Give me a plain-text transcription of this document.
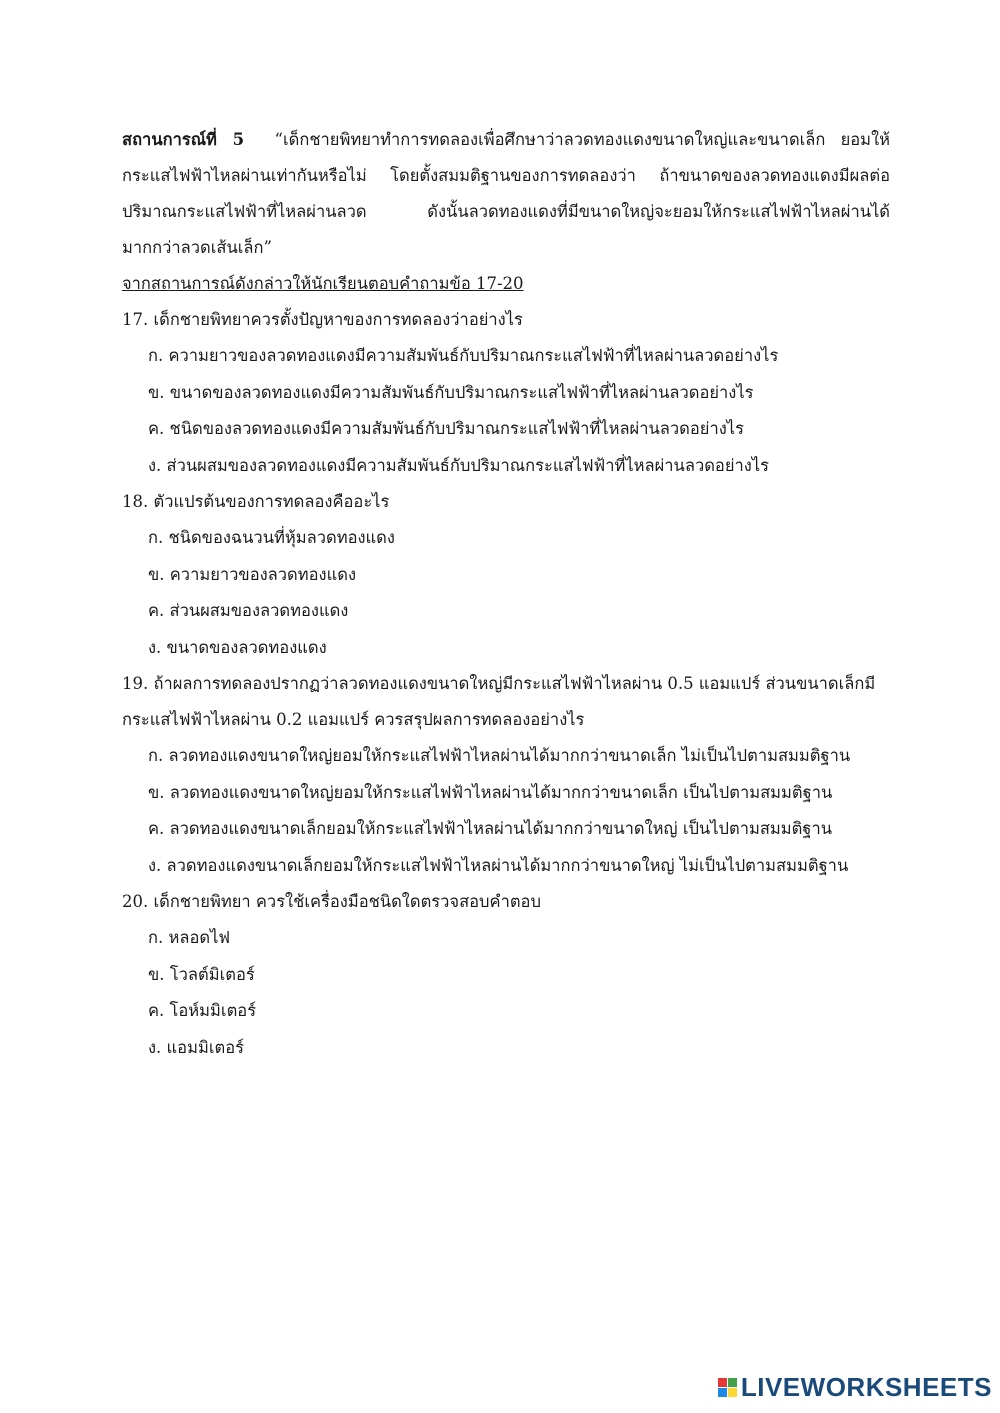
สถานการณ์ที่ 5 “เด็กชายพิทยาทำการทดลองเพื่อศึกษาว่าลวดทองแดงขนาดใหญ่และขนาดเล็ก ยอมให้กระแสไฟฟ้าไหลผ่านเท่ากันหรือไม่ โดยตั้งสมมติฐานของการทดลองว่า ถ้าขนาดของลวดทองแดงมีผลต่อปริมาณกระแสไฟฟ้าที่ไหลผ่านลวด ดังนั้นลวดทองแดงที่มีขนาดใหญ่จะยอมให้กระแสไฟฟ้าไหลผ่านได้มากกว่าลวดเส้นเล็ก”

จากสถานการณ์ดังกล่าวให้นักเรียนตอบคำถามข้อ 17-20

17. เด็กชายพิทยาควรตั้งปัญหาของการทดลองว่าอย่างไร

ก. ความยาวของลวดทองแดงมีความสัมพันธ์กับปริมาณกระแสไฟฟ้าที่ไหลผ่านลวดอย่างไร
ข. ขนาดของลวดทองแดงมีความสัมพันธ์กับปริมาณกระแสไฟฟ้าที่ไหลผ่านลวดอย่างไร
ค. ชนิดของลวดทองแดงมีความสัมพันธ์กับปริมาณกระแสไฟฟ้าที่ไหลผ่านลวดอย่างไร
ง. ส่วนผสมของลวดทองแดงมีความสัมพันธ์กับปริมาณกระแสไฟฟ้าที่ไหลผ่านลวดอย่างไร

18. ตัวแปรต้นของการทดลองคืออะไร

ก. ชนิดของฉนวนที่หุ้มลวดทองแดง
ข. ความยาวของลวดทองแดง
ค. ส่วนผสมของลวดทองแดง
ง. ขนาดของลวดทองแดง

19. ถ้าผลการทดลองปรากฏว่าลวดทองแดงขนาดใหญ่มีกระแสไฟฟ้าไหลผ่าน 0.5 แอมแปร์ ส่วนขนาดเล็กมีกระแสไฟฟ้าไหลผ่าน 0.2 แอมแปร์ ควรสรุปผลการทดลองอย่างไร

ก. ลวดทองแดงขนาดใหญ่ยอมให้กระแสไฟฟ้าไหลผ่านได้มากกว่าขนาดเล็ก ไม่เป็นไปตามสมมติฐาน
ข. ลวดทองแดงขนาดใหญ่ยอมให้กระแสไฟฟ้าไหลผ่านได้มากกว่าขนาดเล็ก เป็นไปตามสมมติฐาน
ค. ลวดทองแดงขนาดเล็กยอมให้กระแสไฟฟ้าไหลผ่านได้มากกว่าขนาดใหญ่ เป็นไปตามสมมติฐาน
ง. ลวดทองแดงขนาดเล็กยอมให้กระแสไฟฟ้าไหลผ่านได้มากกว่าขนาดใหญ่ ไม่เป็นไปตามสมมติฐาน

20. เด็กชายพิทยา ควรใช้เครื่องมือชนิดใดตรวจสอบคำตอบ

ก. หลอดไฟ
ข. โวลต์มิเตอร์
ค. โอห์มมิเตอร์
ง. แอมมิเตอร์
LIVEWORKSHEETS
